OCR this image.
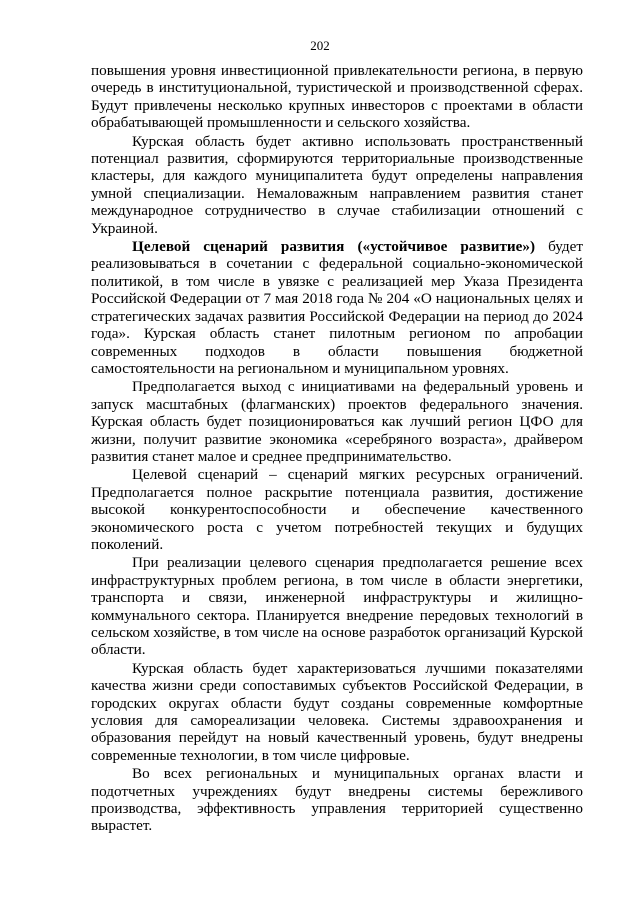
202

повышения уровня инвестиционной привлекательности региона, в первую очередь в институциональной, туристической и производственной сферах. Будут привлечены несколько крупных инвесторов с проектами в области обрабатывающей промышленности и сельского хозяйства.

Курская область будет активно использовать пространственный потенциал развития, сформируются территориальные производственные кластеры, для каждого муниципалитета будут определены направления умной специализации. Немаловажным направлением развития станет международное сотрудничество в случае стабилизации отношений с Украиной.

Целевой сценарий развития («устойчивое развитие») будет реализовываться в сочетании с федеральной социально-экономической политикой, в том числе в увязке с реализацией мер Указа Президента Российской Федерации от 7 мая 2018 года № 204 «О национальных целях и стратегических задачах развития Российской Федерации на период до 2024 года». Курская область станет пилотным регионом по апробации современных подходов в области повышения бюджетной самостоятельности на региональном и муниципальном уровнях.

Предполагается выход с инициативами на федеральный уровень и запуск масштабных (флагманских) проектов федерального значения. Курская область будет позиционироваться как лучший регион ЦФО для жизни, получит развитие экономика «серебряного возраста», драйвером развития станет малое и среднее предпринимательство.

Целевой сценарий – сценарий мягких ресурсных ограничений. Предполагается полное раскрытие потенциала развития, достижение высокой конкурентоспособности и обеспечение качественного экономического роста с учетом потребностей текущих и будущих поколений.

При реализации целевого сценария предполагается решение всех инфраструктурных проблем региона, в том числе в области энергетики, транспорта и связи, инженерной инфраструктуры и жилищно-коммунального сектора. Планируется внедрение передовых технологий в сельском хозяйстве, в том числе на основе разработок организаций Курской области.

Курская область будет характеризоваться лучшими показателями качества жизни среди сопоставимых субъектов Российской Федерации, в городских округах области будут созданы современные комфортные условия для самореализации человека. Системы здравоохранения и образования перейдут на новый качественный уровень, будут внедрены современные технологии, в том числе цифровые.

Во всех региональных и муниципальных органах власти и подотчетных учреждениях будут внедрены системы бережливого производства, эффективность управления территорией существенно вырастет.
